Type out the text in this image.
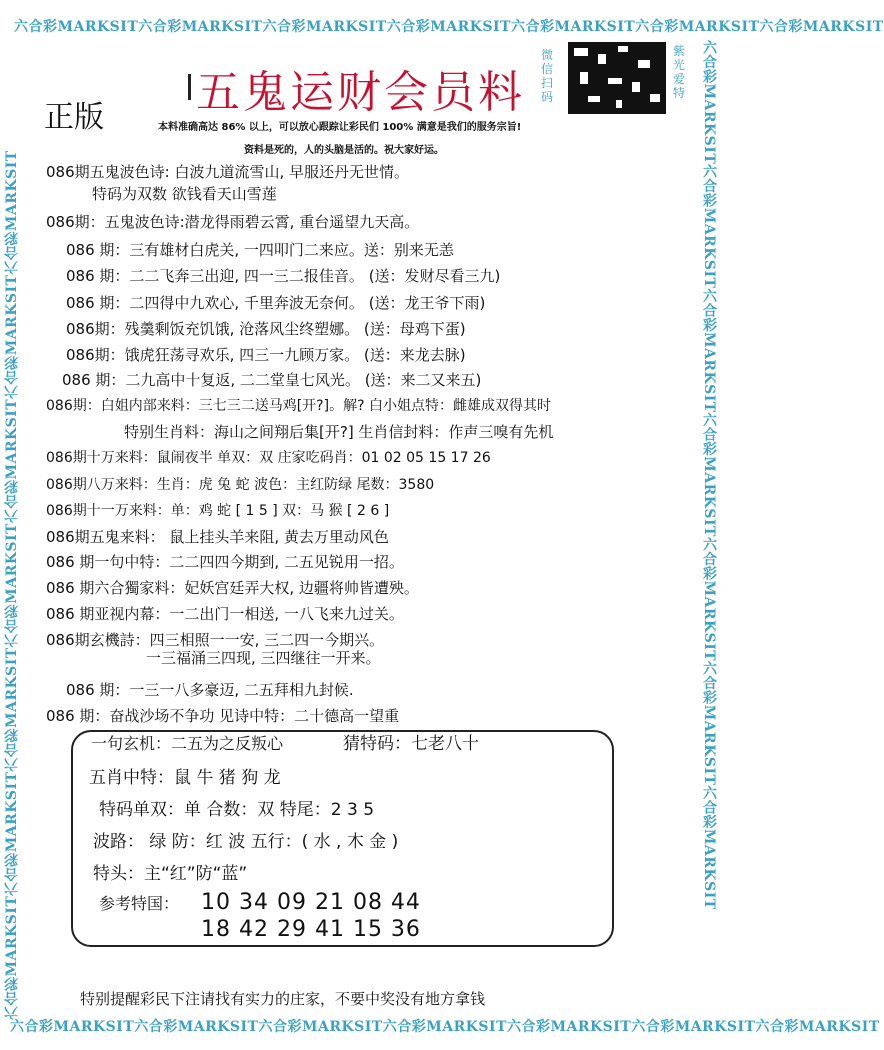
六合彩MARKSIT六合彩MARKSIT六合彩MARKSIT六合彩MARKSIT六合彩MARKSIT六合彩MARKSIT六合彩MARKSIT
六合彩MARKSIT六合彩MARKSIT六合彩MARKSIT六合彩MARKSIT六合彩MARKSIT六合彩MARKSIT六合彩MARKSIT	六合彩MARKSIT六合彩MARKSIT六合彩MARKSIT六合彩MARKSIT六合彩MARKSIT六合彩MARKSIT六合彩MARKSIT
六合彩MARKSIT六合彩MARKSIT六合彩MARKSIT六合彩MARKSIT六合彩MARKSIT六合彩MARKSIT六合彩MARKSIT
五鬼运财会员料
正版
微信扫码
紫光爱特
本料准确高达 86% 以上，可以放心跟踪让彩民们 100% 满意是我们的服务宗旨!
资料是死的，人的头脑是活的。祝大家好运。
086期五鬼波色诗: 白波九道流雪山, 早服还丹无世情。
特码为双数 欲钱看天山雪莲
086期：五鬼波色诗:潜龙得雨碧云霄, 重台遥望九天高。
086 期：三有雄材白虎关, 一四叩门二来应。送：别来无恙
086 期：二二飞奔三出迎, 四一三二报佳音。 (送：发财尽看三九)
086 期：二四得中九欢心, 千里奔波无奈何。 (送：龙王爷下雨)
086期：残羹剩饭充饥饿, 沧落风尘终塑娜。 (送：母鸡下蛋)
086期：饿虎狂荡寻欢乐, 四三一九顾万家。 (送：来龙去脉)
086 期：二九高中十复返, 二二堂皇七风光。 (送：来二又来五)
086期：白姐内部来料：三七三二送马鸡[开?]。解? 白小姐点特：雌雄成双得其时
特别生肖料：海山之间翔后集[开?] 生肖信封料：作声三嗅有先机
086期十万来料：鼠闹夜半 单双：双 庄家吃码肖：01 02 05 15 17 26
086期八万来料：生肖：虎 兔 蛇 波色：主红防绿 尾数：3580
086期十一万来料：单：鸡 蛇 [ 1 5 ] 双：马 猴 [ 2 6 ]
086期五鬼来料： 鼠上挂头羊来阻, 黄去万里动风色
086 期一句中特：二二四四今期到, 二五见锐用一招。
086 期六合獨家料：妃妖宫廷弄大权, 边疆将帅皆遭殃。
086 期亚视内幕：一二出门一相送, 一八飞来九过关。
086期玄機詩：四三相照一一安, 三二四一今期兴。
一三福涌三四现, 三四继往一开来。
086 期：一三一八多豪迈, 二五拜相九封候.
086 期：奋战沙场不争功 见诗中特：二十德高一望重
一句玄机：二五为之反叛心	猜特码：七老八十
五肖中特：鼠 牛 猪 狗 龙
特码单双：单 合数：双 特尾：2 3 5
波路： 绿 防：红 波 五行：( 水 , 木 金 )
特头：主“红”防“蓝”
参考特国： 10 34 09 21 08 44
18 42 29 41 15 36
特别提醒彩民下注请找有实力的庄家，不要中奖没有地方拿钱
